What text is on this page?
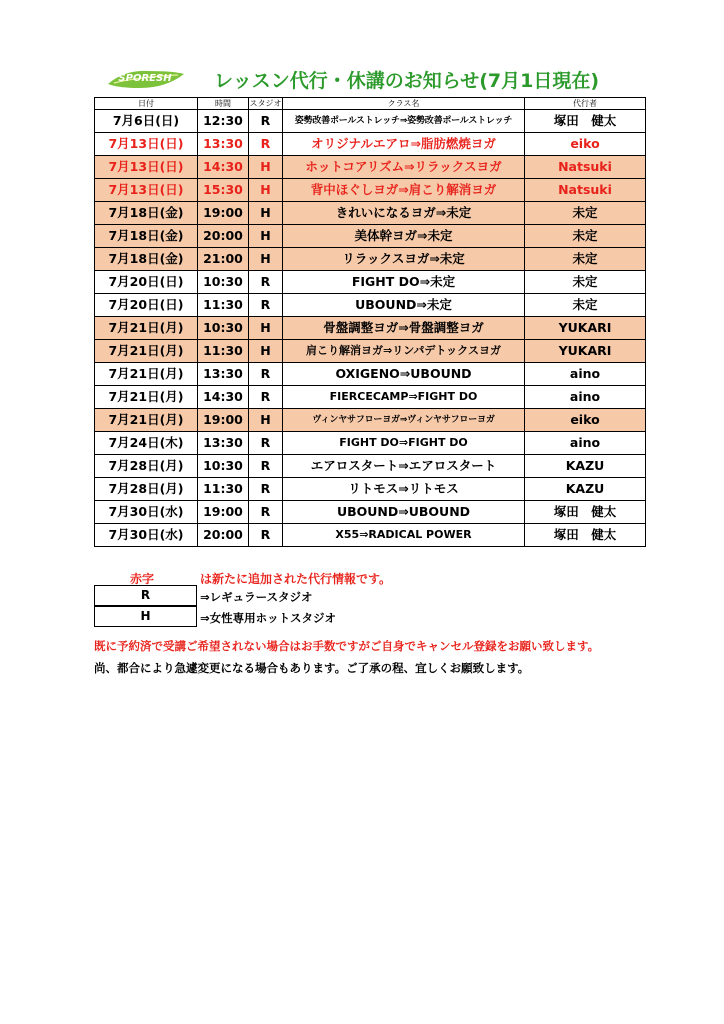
SPORESH	レッスン代行・休講のお知らせ(7月1日現在)
日付	時間	スタジオ	クラス名	代行者
7月6日(日)	12:30	R	姿勢改善ポールストレッチ⇒姿勢改善ポールストレッチ	塚田　健太
7月13日(日)	13:30	R	オリジナルエアロ⇒脂肪燃焼ヨガ	eiko
7月13日(日)	14:30	H	ホットコアリズム⇒リラックスヨガ	Natsuki
7月13日(日)	15:30	H	背中ほぐしヨガ⇒肩こり解消ヨガ	Natsuki
7月18日(金)	19:00	H	きれいになるヨガ⇒未定	未定
7月18日(金)	20:00	H	美体幹ヨガ⇒未定	未定
7月18日(金)	21:00	H	リラックスヨガ⇒未定	未定
7月20日(日)	10:30	R	FIGHT DO⇒未定	未定
7月20日(日)	11:30	R	UBOUND⇒未定	未定
7月21日(月)	10:30	H	骨盤調整ヨガ⇒骨盤調整ヨガ	YUKARI
7月21日(月)	11:30	H	肩こり解消ヨガ⇒リンパデトックスヨガ	YUKARI
7月21日(月)	13:30	R	OXIGENO⇒UBOUND	aino
7月21日(月)	14:30	R	FIERCECAMP⇒FIGHT DO	aino
7月21日(月)	19:00	H	ヴィンヤサフローヨガ⇒ヴィンヤサフローヨガ	eiko
7月24日(木)	13:30	R	FIGHT DO⇒FIGHT DO	aino
7月28日(月)	10:30	R	エアロスタート⇒エアロスタート	KAZU
7月28日(月)	11:30	R	リトモス⇒リトモス	KAZU
7月30日(水)	19:00	R	UBOUND⇒UBOUND	塚田　健太
7月30日(水)	20:00	R	X55⇒RADICAL POWER	塚田　健太
赤字	は新たに追加された代行情報です。
R	⇒レギュラースタジオ
H	⇒女性専用ホットスタジオ
既に予約済で受講ご希望されない場合はお手数ですがご自身でキャンセル登録をお願い致します。
尚、都合により急遽変更になる場合もあります。ご了承の程、宜しくお願致します。
